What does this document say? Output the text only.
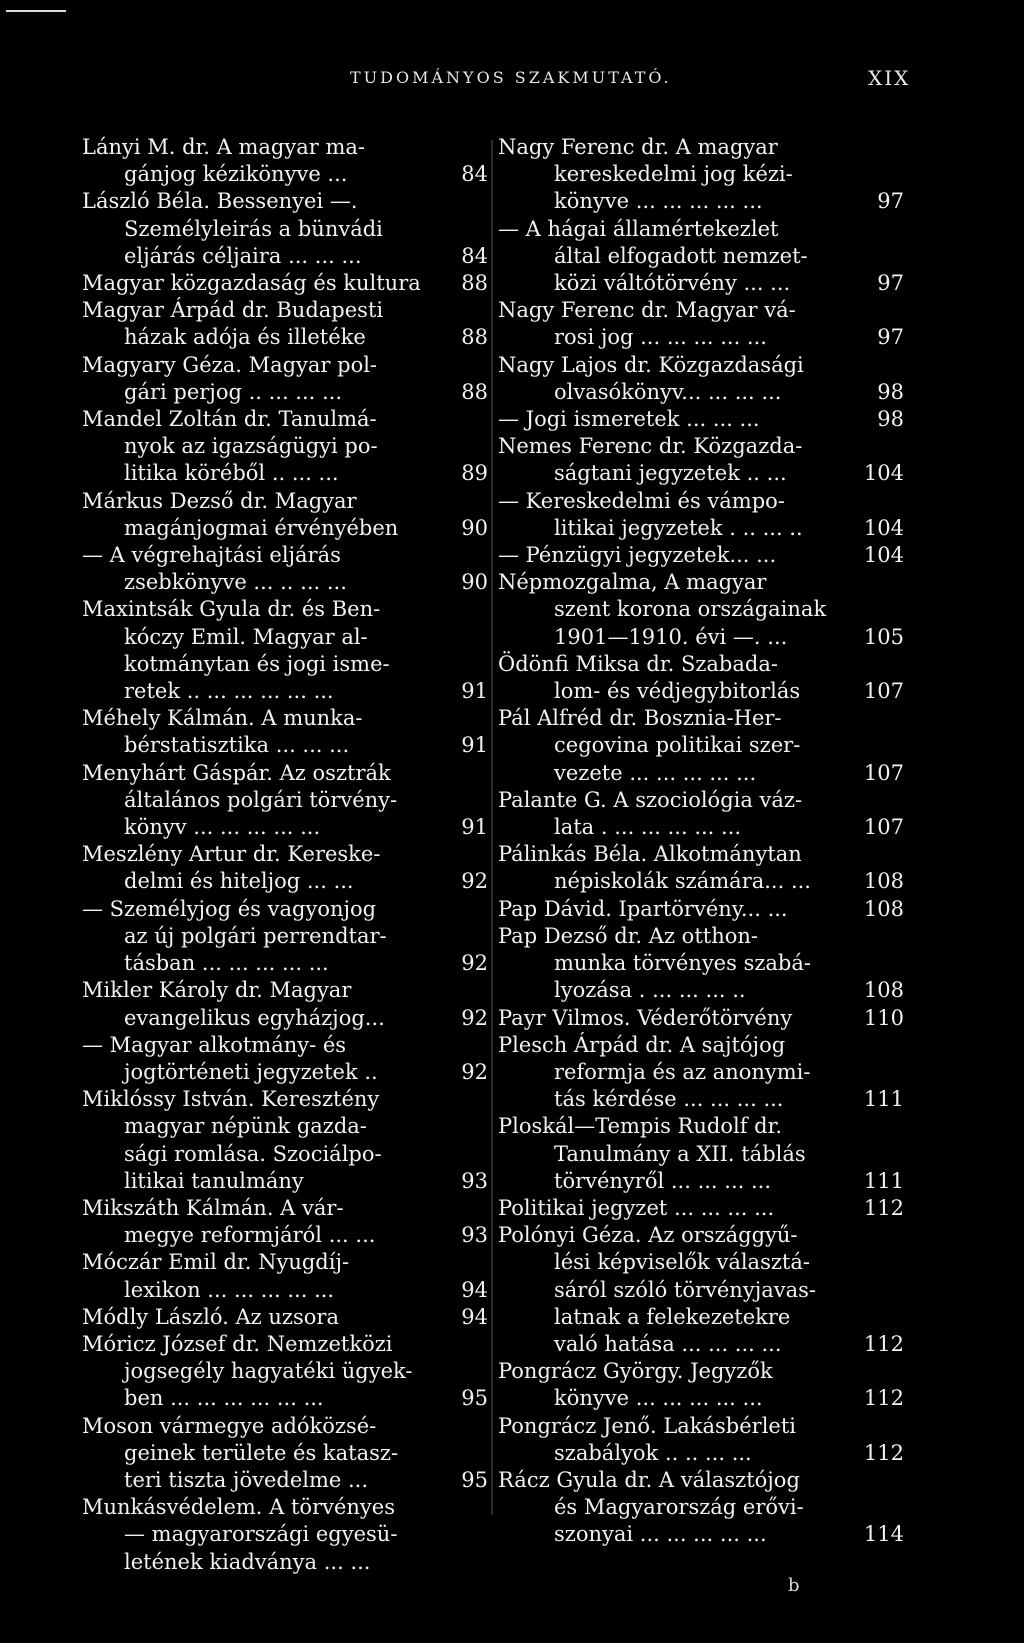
TUDOMÁNYOS SZAKMUTATÓ.	XIX
Lányi M. dr. A magyar ma-
gánjog kézikönyve ...	84
László Béla. Bessenyei —.
Személyleirás a bünvádi
eljárás céljaira ... ... ...	84
Magyar közgazdaság és kultura	88
Magyar Árpád dr. Budapesti
házak adója és illetéke	88
Magyary Géza. Magyar pol-
gári perjog .. ... ... ...	88
Mandel Zoltán dr. Tanulmá-
nyok az igazságügyi po-
litika köréből .. ... ...	89
Márkus Dezső dr. Magyar
magánjogmai érvényében	90
— A végrehajtási eljárás
zsebkönyve ... .. ... ...	90
Maxintsák Gyula dr. és Ben-
kóczy Emil. Magyar al-
kotmánytan és jogi isme-
retek .. ... ... ... ... ...	91
Méhely Kálmán. A munka-
bérstatisztika ... ... ...	91
Menyhárt Gáspár. Az osztrák
általános polgári törvény-
könyv ... ... ... ... ...	91
Meszlény Artur dr. Kereske-
delmi és hiteljog ... ...	92
— Személyjog és vagyonjog
az új polgári perrendtar-
tásban ... ... ... ... ...	92
Mikler Károly dr. Magyar
evangelikus egyházjog...	92
— Magyar alkotmány- és
jogtörténeti jegyzetek ..	92
Miklóssy István. Keresztény
magyar népünk gazda-
sági romlása. Szociálpo-
litikai tanulmány	93
Mikszáth Kálmán. A vár-
megye reformjáról ... ...	93
Móczár Emil dr. Nyugdíj-
lexikon ... ... ... ... ...	94
Módly László. Az uzsora	94
Móricz József dr. Nemzetközi
jogsegély hagyatéki ügyek-
ben ... ... ... ... ... ...	95
Moson vármegye adóközsé-
geinek területe és katasz-
teri tiszta jövedelme ...	95
Munkásvédelem. A törvényes
— magyarországi egyesü-
letének kiadványa ... ...
Nagy Ferenc dr. A magyar
kereskedelmi jog kézi-
könyve ... ... ... ... ...	97
— A hágai államértekezlet
által elfogadott nemzet-
közi váltótörvény ... ...	97
Nagy Ferenc dr. Magyar vá-
rosi jog ... ... ... ... ...	97
Nagy Lajos dr. Közgazdasági
olvasókönyv... ... ... ...	98
— Jogi ismeretek ... ... ...	98
Nemes Ferenc dr. Közgazda-
ságtani jegyzetek .. ...	104
— Kereskedelmi és vámpo-
litikai jegyzetek . .. ... ..	104
— Pénzügyi jegyzetek... ...	104
Népmozgalma, A magyar
szent korona országainak
1901—1910. évi —. ...	105
Ödönfi Miksa dr. Szabada-
lom- és védjegybitorlás	107
Pál Alfréd dr. Bosznia-Her-
cegovina politikai szer-
vezete ... ... ... ... ...	107
Palante G. A szociológia váz-
lata . ... ... ... ... ...	107
Pálinkás Béla. Alkotmánytan
népiskolák számára... ...	108
Pap Dávid. Ipartörvény... ...	108
Pap Dezső dr. Az otthon-
munka törvényes szabá-
lyozása . ... ... ... ..	108
Payr Vilmos. Véderőtörvény	110
Plesch Árpád dr. A sajtójog
reformja és az anonymi-
tás kérdése ... ... ... ...	111
Ploskál—Tempis Rudolf dr.
Tanulmány a XII. táblás
törvényről ... ... ... ...	111
Politikai jegyzet ... ... ... ...	112
Polónyi Géza. Az országgyű-
lési képviselők választá-
sáról szóló törvényjavas-
latnak a felekezetekre
való hatása ... ... ... ...	112
Pongrácz György. Jegyzők
könyve ... ... ... ... ...	112
Pongrácz Jenő. Lakásbérleti
szabályok .. .. ... ...	112
Rácz Gyula dr. A választójog
és Magyarország erővi-
szonyai ... ... ... ... ...	114
b
